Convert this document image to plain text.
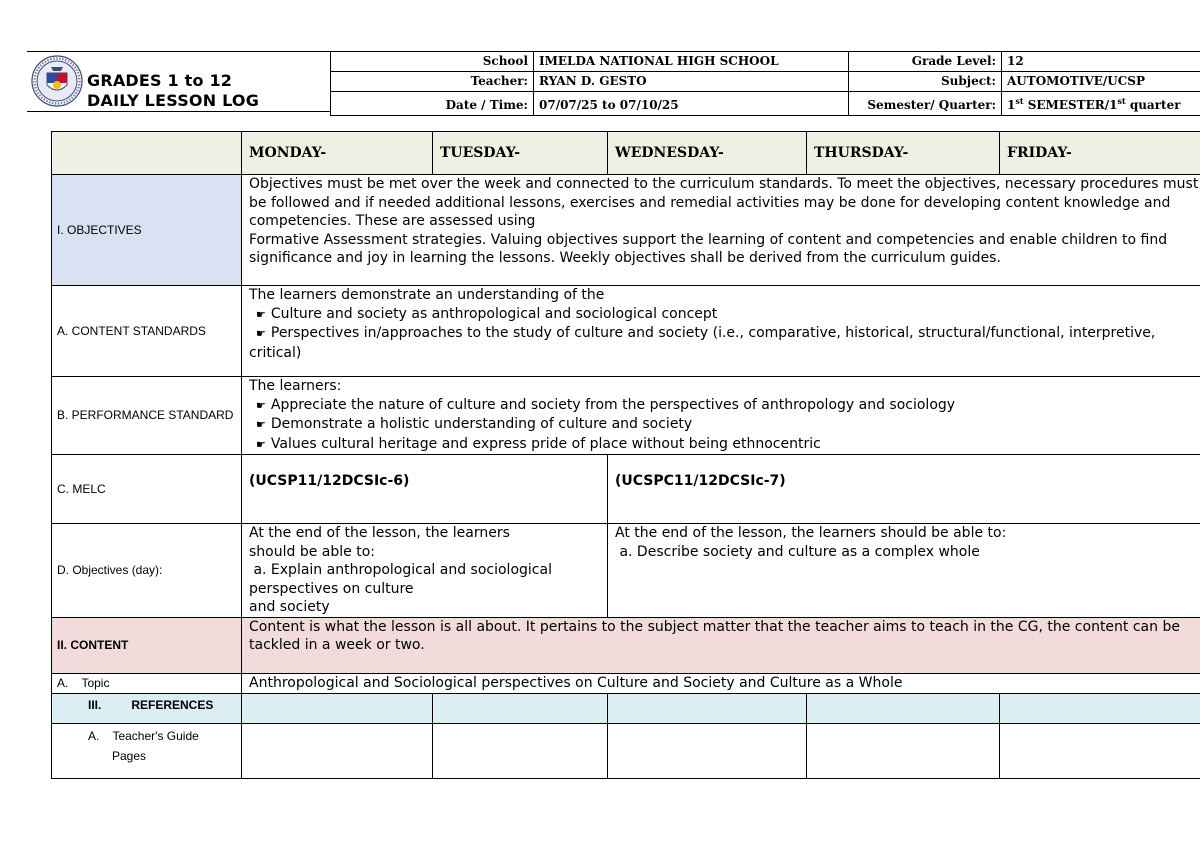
GRADES 1 to 12
DAILY LESSON LOG
School	IMELDA NATIONAL HIGH SCHOOL	Grade Level:	12
Teacher:	RYAN D. GESTO	Subject:	AUTOMOTIVE/UCSP
Date / Time:	07/07/25 to 07/10/25	Semester/ Quarter:	1st SEMESTER/1st quarter
	MONDAY-	TUESDAY-	WEDNESDAY-	THURSDAY-	FRIDAY-
I. OBJECTIVES	Objectives must be met over the week and connected to the curriculum standards. To meet the objectives, necessary procedures must be followed and if needed additional lessons, exercises and remedial activities may be done for developing content knowledge and competencies. These are assessed using
Formative Assessment strategies. Valuing objectives support the learning of content and competencies and enable children to find significance and joy in learning the lessons. Weekly objectives shall be derived from the curriculum guides.				

A. CONTENT STANDARDS	The learners demonstrate an understanding of the
☛ Culture and society as anthropological and sociological concept
☛ Perspectives in/approaches to the study of culture and society (i.e., comparative, historical, structural/functional, interpretive,
critical)

B. PERFORMANCE STANDARD	The learners:
☛ Appreciate the nature of culture and society from the perspectives of anthropology and sociology
☛ Demonstrate a holistic understanding of culture and society
☛ Values cultural heritage and express pride of place without being ethnocentric

C. MELC	(UCSP11/12DCSIc-6)		(UCSPC11/12DCSIc-7)		
D. Objectives (day):	At the end of the lesson, the learners
should be able to:
a. Explain anthropological and sociological
perspectives on culture
and society		At the end of the lesson, the learners should be able to:
a. Describe society and culture as a complex whole		

II. CONTENT	Content is what the lesson is all about. It pertains to the subject matter that the teacher aims to teach in the CG, the content can be tackled in a week or two.				
A.    Topic	Anthropological and Sociological perspectives on Culture and Society and Culture as a Whole				
III.         REFERENCES					

A.    Teacher's Guide
Pages					
